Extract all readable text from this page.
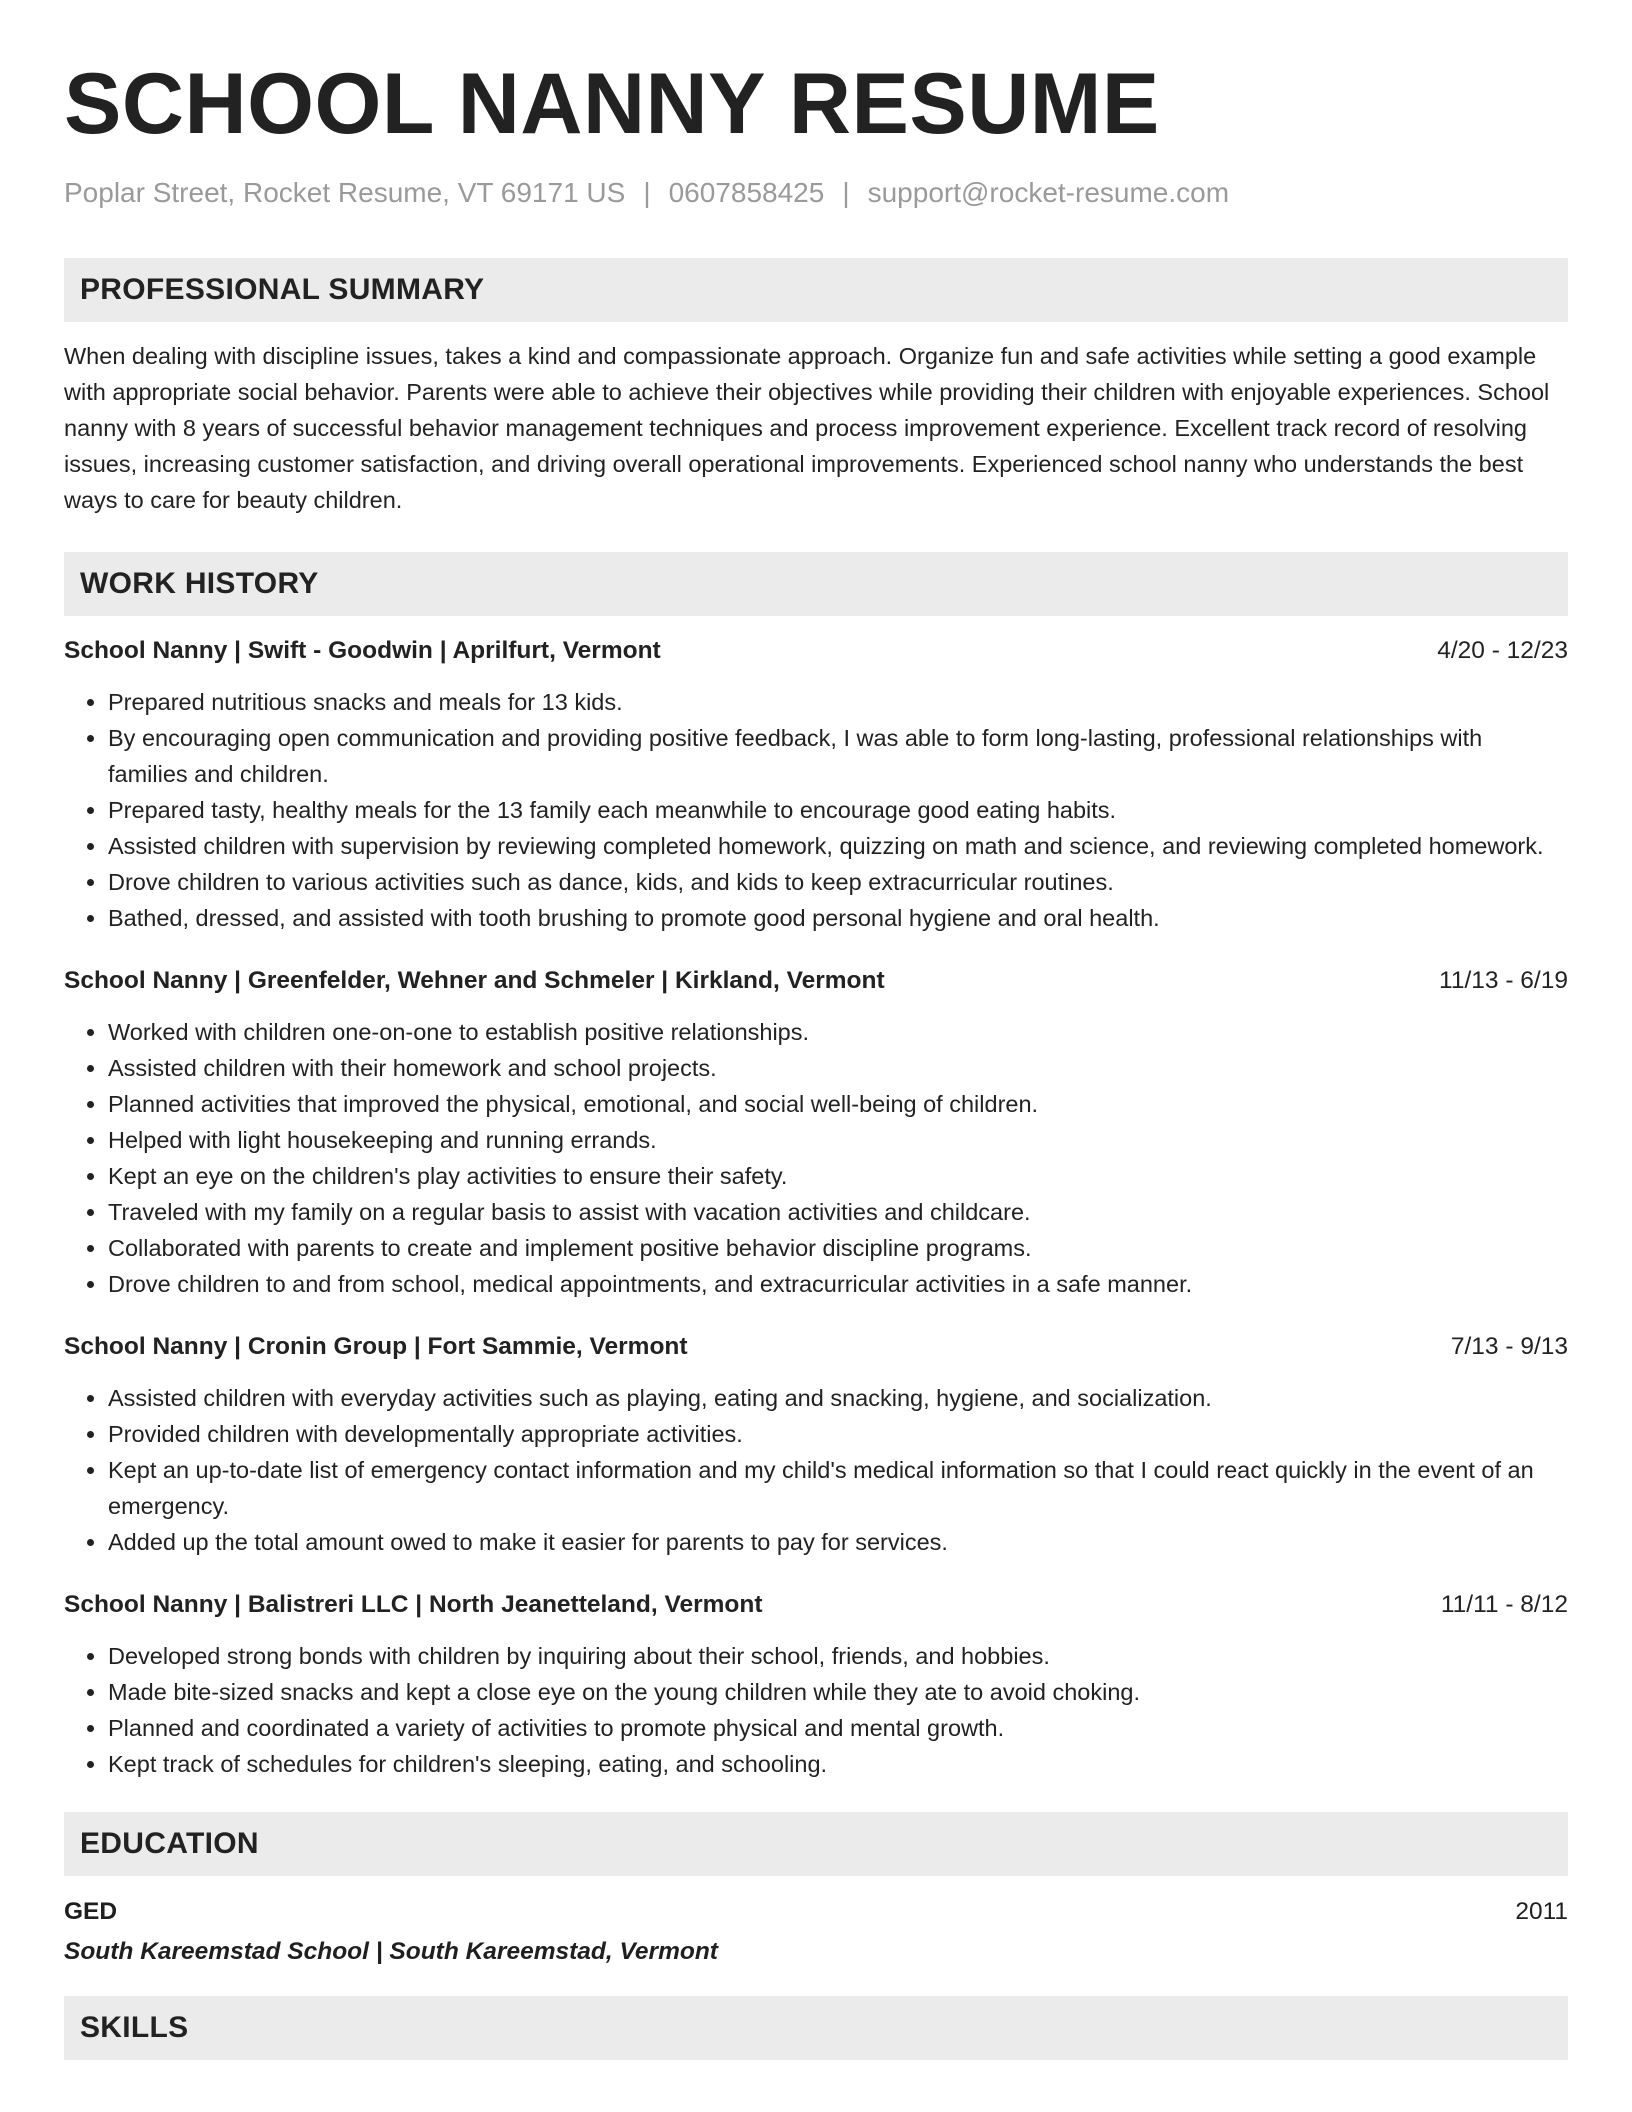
SCHOOL NANNY RESUME
Poplar Street, Rocket Resume, VT 69171 US | 0607858425 | support@rocket-resume.com
PROFESSIONAL SUMMARY
When dealing with discipline issues, takes a kind and compassionate approach. Organize fun and safe activities while setting a good example with appropriate social behavior. Parents were able to achieve their objectives while providing their children with enjoyable experiences. School nanny with 8 years of successful behavior management techniques and process improvement experience. Excellent track record of resolving issues, increasing customer satisfaction, and driving overall operational improvements. Experienced school nanny who understands the best ways to care for beauty children.
WORK HISTORY
School Nanny | Swift - Goodwin | Aprilfurt, Vermont	4/20 - 12/23
• Prepared nutritious snacks and meals for 13 kids.
• By encouraging open communication and providing positive feedback, I was able to form long-lasting, professional relationships with families and children.
• Prepared tasty, healthy meals for the 13 family each meanwhile to encourage good eating habits.
• Assisted children with supervision by reviewing completed homework, quizzing on math and science, and reviewing completed homework.
• Drove children to various activities such as dance, kids, and kids to keep extracurricular routines.
• Bathed, dressed, and assisted with tooth brushing to promote good personal hygiene and oral health.
School Nanny | Greenfelder, Wehner and Schmeler | Kirkland, Vermont	11/13 - 6/19
• Worked with children one-on-one to establish positive relationships.
• Assisted children with their homework and school projects.
• Planned activities that improved the physical, emotional, and social well-being of children.
• Helped with light housekeeping and running errands.
• Kept an eye on the children's play activities to ensure their safety.
• Traveled with my family on a regular basis to assist with vacation activities and childcare.
• Collaborated with parents to create and implement positive behavior discipline programs.
• Drove children to and from school, medical appointments, and extracurricular activities in a safe manner.
School Nanny | Cronin Group | Fort Sammie, Vermont	7/13 - 9/13
• Assisted children with everyday activities such as playing, eating and snacking, hygiene, and socialization.
• Provided children with developmentally appropriate activities.
• Kept an up-to-date list of emergency contact information and my child's medical information so that I could react quickly in the event of an emergency.
• Added up the total amount owed to make it easier for parents to pay for services.
School Nanny | Balistreri LLC | North Jeanetteland, Vermont	11/11 - 8/12
• Developed strong bonds with children by inquiring about their school, friends, and hobbies.
• Made bite-sized snacks and kept a close eye on the young children while they ate to avoid choking.
• Planned and coordinated a variety of activities to promote physical and mental growth.
• Kept track of schedules for children's sleeping, eating, and schooling.
EDUCATION
GED	2011
South Kareemstad School | South Kareemstad, Vermont
SKILLS
